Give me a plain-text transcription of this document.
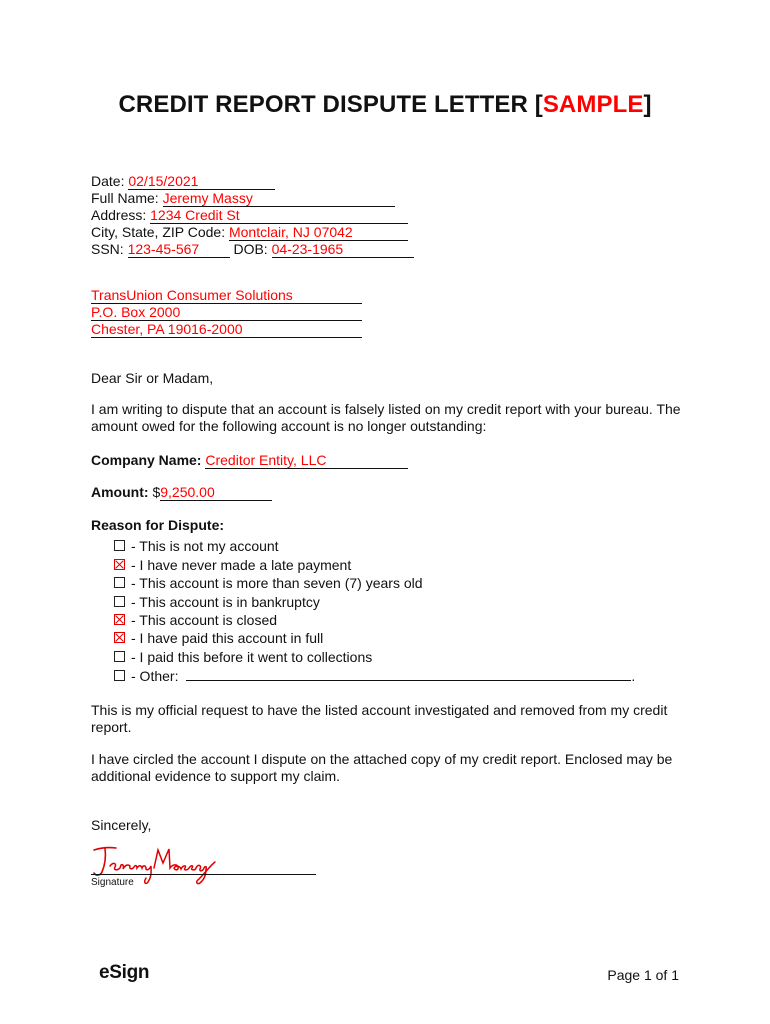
CREDIT REPORT DISPUTE LETTER [SAMPLE]
Date: 02/15/2021
Full Name: Jeremy Massy
Address: 1234 Credit St
City, State, ZIP Code: Montclair, NJ 07042
SSN: 123-45-567 DOB: 04-23-1965
TransUnion Consumer Solutions
P.O. Box 2000
Chester, PA 19016-2000
Dear Sir or Madam,
I am writing to dispute that an account is falsely listed on my credit report with your bureau. The amount owed for the following account is no longer outstanding:
Company Name: Creditor Entity, LLC
Amount: $9,250.00
Reason for Dispute:
- This is not my account
- I have never made a late payment
- This account is more than seven (7) years old
- This account is in bankruptcy
- This account is closed
- I have paid this account in full
- I paid this before it went to collections
- Other:	.
This is my official request to have the listed account investigated and removed from my credit report.
I have circled the account I dispute on the attached copy of my credit report. Enclosed may be additional evidence to support my claim.
Sincerely,
Signature
eSign	Page 1 of 1
